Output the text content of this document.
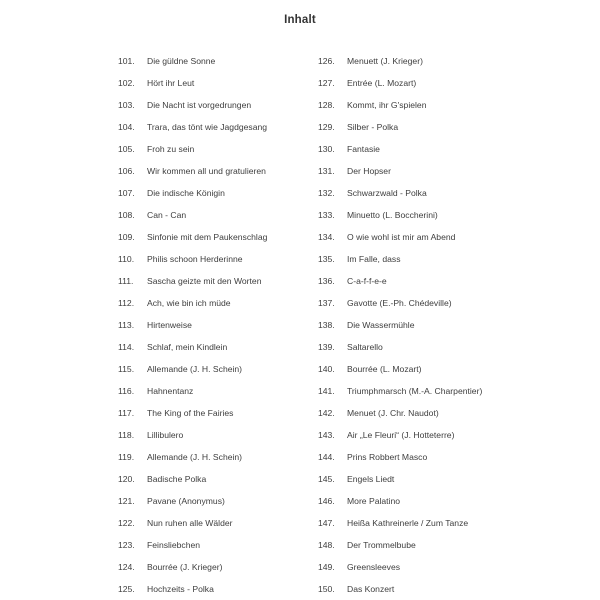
Inhalt
101.	Die güldne Sonne
102.	Hört ihr Leut
103.	Die Nacht ist vorgedrungen
104.	Trara, das tönt wie Jagdgesang
105.	Froh zu sein
106.	Wir kommen all und gratulieren
107.	Die indische Königin
108.	Can - Can
109.	Sinfonie mit dem Paukenschlag
110.	Philis schoon Herderinne
111.	Sascha geizte mit den Worten
112.	Ach, wie bin ich müde
113.	Hirtenweise
114.	Schlaf, mein Kindlein
115.	Allemande (J. H. Schein)
116.	Hahnentanz
117.	The King of the Fairies
118.	Lillibulero
119.	Allemande (J. H. Schein)
120.	Badische Polka
121.	Pavane (Anonymus)
122.	Nun ruhen alle Wälder
123.	Feinsliebchen
124.	Bourrée (J. Krieger)
125.	Hochzeits - Polka
126.	Menuett (J. Krieger)
127.	Entrée (L. Mozart)
128.	Kommt, ihr G'spielen
129.	Silber - Polka
130.	Fantasie
131.	Der Hopser
132.	Schwarzwald - Polka
133.	Minuetto (L. Boccherini)
134.	O wie wohl ist mir am Abend
135.	Im Falle, dass
136.	C-a-f-f-e-e
137.	Gavotte (E.-Ph. Chédeville)
138.	Die Wassermühle
139.	Saltarello
140.	Bourrée (L. Mozart)
141.	Triumphmarsch (M.-A. Charpentier)
142.	Menuet (J. Chr. Naudot)
143.	Air „Le Fleuri“ (J. Hotteterre)
144.	Prins Robbert Masco
145.	Engels Liedt
146.	More Palatino
147.	Heißa Kathreinerle / Zum Tanze
148.	Der Trommelbube
149.	Greensleeves
150.	Das Konzert
